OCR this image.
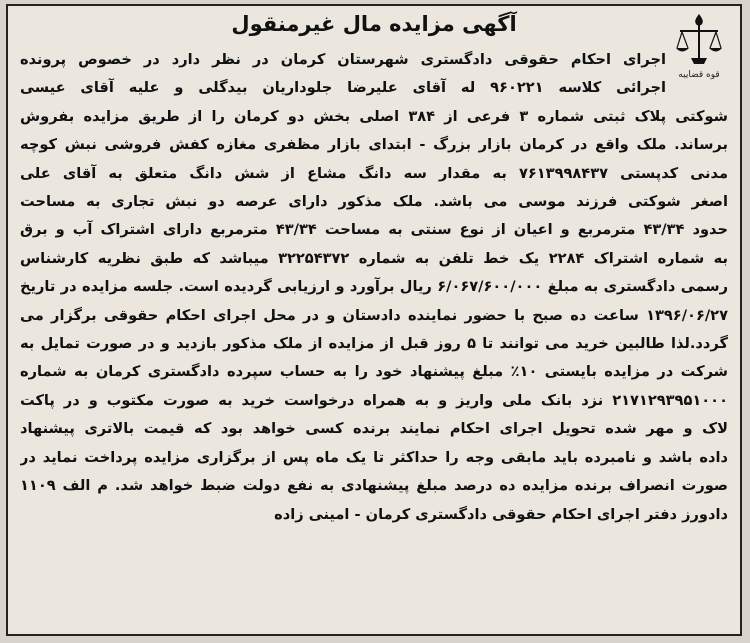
آگهی مزایده مال غیرمنقول
قوه قضاییه
اجرای احکام حقوقی دادگستری شهرستان کرمان در نظر دارد در خصوص پرونده
اجرائی کلاسه ۹۶۰۲۲۱ له آقای علیرضا جلوداریان بیدگلی و علیه آقای عیسی
شوکتی پلاک ثبتی شماره ۳ فرعی از ۳۸۴ اصلی بخش دو کرمان را از طریق مزایده بفروش
برساند. ملک واقع در کرمان بازار بزرگ - ابتدای بازار مظفری مغازه کفش فروشی نبش کوچه
مدنی کدپستی ۷۶۱۳۹۹۸۴۳۷ به مقدار سه دانگ مشاع از شش دانگ متعلق به آقای علی
اصغر شوکتی فرزند موسی می باشد. ملک مذکور دارای عرصه دو نبش تجاری به مساحت
حدود ۴۳/۳۴ مترمربع و اعیان از نوع سنتی به مساحت ۴۳/۳۴ مترمربع دارای اشتراک آب و برق
به شماره اشتراک ۲۲۸۴ یک خط تلفن به شماره ۳۲۲۵۴۳۷۲ میباشد که طبق نظریه کارشناس
رسمی دادگستری به مبلغ ۶/۰۶۷/۶۰۰/۰۰۰ ریال برآورد و ارزیابی گردیده است. جلسه مزایده در تاریخ
۱۳۹۶/۰۶/۲۷ ساعت ده صبح با حضور نماینده دادستان و در محل اجرای احکام حقوقی برگزار می
گردد.لذا طالبین خرید می توانند تا ۵ روز قبل از مزایده از ملک مذکور بازدید و در صورت تمایل به
شرکت در مزایده بایستی ۱۰٪ مبلغ پیشنهاد خود را به حساب سپرده دادگستری کرمان به شماره
۲۱۷۱۲۹۳۹۵۱۰۰۰ نزد بانک ملی واریز و به همراه درخواست خرید به صورت مکتوب و در پاکت
لاک و مهر شده تحویل اجرای احکام نمایند برنده کسی خواهد بود که قیمت بالاتری پیشنهاد
داده باشد و نامبرده باید مابقی وجه را حداکثر تا یک ماه پس از برگزاری مزایده پرداخت نماید در
صورت انصراف برنده مزایده ده درصد مبلغ پیشنهادی به نفع دولت ضبط خواهد شد. م الف ۱۱۰۹
دادورز دفتر اجرای احکام حقوقی دادگستری کرمان - امینی زاده
